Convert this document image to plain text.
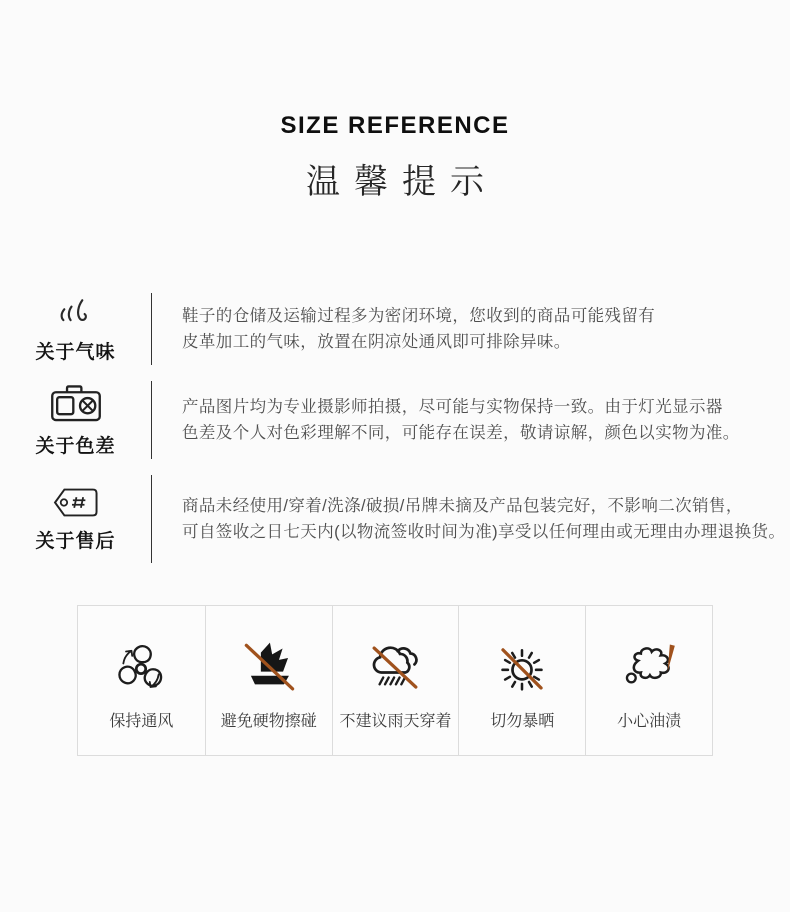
SIZE REFERENCE
温馨提示
关于气味
鞋子的仓储及运输过程多为密闭环境，您收到的商品可能残留有
皮革加工的气味，放置在阴凉处通风即可排除异味。
关于色差
产品图片均为专业摄影师拍摄，尽可能与实物保持一致。由于灯光显示器
色差及个人对色彩理解不同，可能存在误差，敬请谅解，颜色以实物为准。
关于售后
商品未经使用/穿着/洗涤/破损/吊牌未摘及产品包装完好，不影响二次销售，
可自签收之日七天内(以物流签收时间为准)享受以任何理由或无理由办理退换货。
保持通风	避免硬物擦碰 不建议雨天穿着 切勿暴晒	小心油渍
